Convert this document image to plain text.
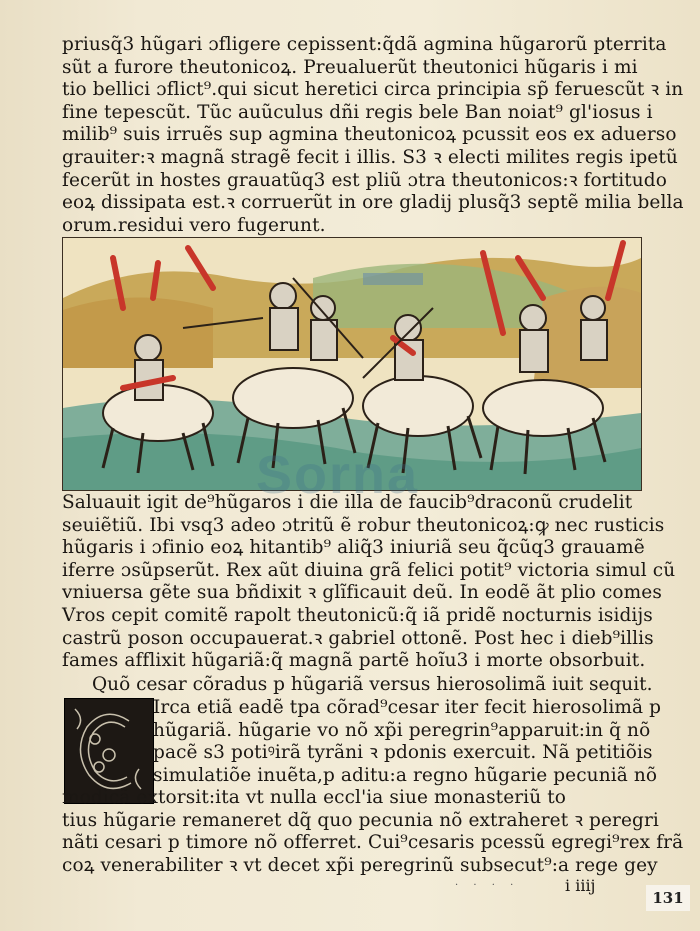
priusq̃3 hũgari ɔfligere cepissent:q̃dã agmina hũgarorũ pterrita
sũt a furore theutonicoꝝ. Preualuerũt theutonici hũgaris i mi
tio bellici ɔflict⁹.qui sicut heretici circa principia sp̃ feruescũt ꝛ in
fine tepescũt. Tũc auũculus dñi regis bele Ban noiat⁹ gl'iosus i
milib⁹ suis irruẽs sup agmina theutonicoꝝ pcussit eos ex aduerso
grauiter:ꝛ magnã stragẽ fecit i illis. S3 ꝛ electi milites regis ipetũ
fecerũt in hostes grauatũq3 est pliũ ɔtra theutonicos:ꝛ fortitudo
eoꝝ dissipata est.ꝛ corruerũt in ore gladij plusq̃3 septẽ milia bella
orum.residui vero fugerunt.
Sorna
Saluauit igit de⁹hũgaros i die illa de faucib⁹draconũ crudelit
seuiẽtiũ. Ibi vsq3 adeo ɔtritũ ẽ robur theutonicoꝝ:ꝙ nec rusticis
hũgaris i ɔfinio eoꝝ hitantib⁹ aliq̃3 iniuriã seu q̃cũq3 grauamẽ
iferre ɔsũpserũt. Rex aũt diuina grã felici potit⁹ victoria simul cũ
vniuersa gẽte sua bñdixit ꝛ glĩficauit deũ. In eodẽ ãt plio comes
Vros cepit comitẽ rapolt theutonicũ:q̃ iã pridẽ nocturnis isidijs
castrũ poson occupauerat.ꝛ gabriel ottonẽ. Post hec i dieb⁹illis
fames afflixit hũgariã:q̃ magnã partẽ hoĩu3 i morte obsorbuit.
Quõ cesar cõradus p hũgariã versus hierosolimã iuit sequit.
Irca etiã eadẽ tpa cõrad⁹cesar iter fecit hierosolimã p
hũgariã. hũgarie vo nõ xp̃i peregrin⁹apparuit:in q̃ nõ
pacẽ s3 potiꝰirã tyrãni ꝛ pdonis exercuit. Nã petitiõis
simulatiõe inuẽta,p aditu:a regno hũgarie pecuniã nõ
modicã extorsit:ita vt nulla eccl'ia siue monasteriũ to
tius hũgarie remaneret dq̃ quo pecunia nõ extraheret ꝛ peregri
nãti cesari p timore nõ offerret. Cui⁹cesaris pcessũ egregi⁹rex frã
coꝝ venerabiliter ꝛ vt decet xp̃i peregrinũ subsecut⁹:a rege gey
· · · ·	i iiij
131
